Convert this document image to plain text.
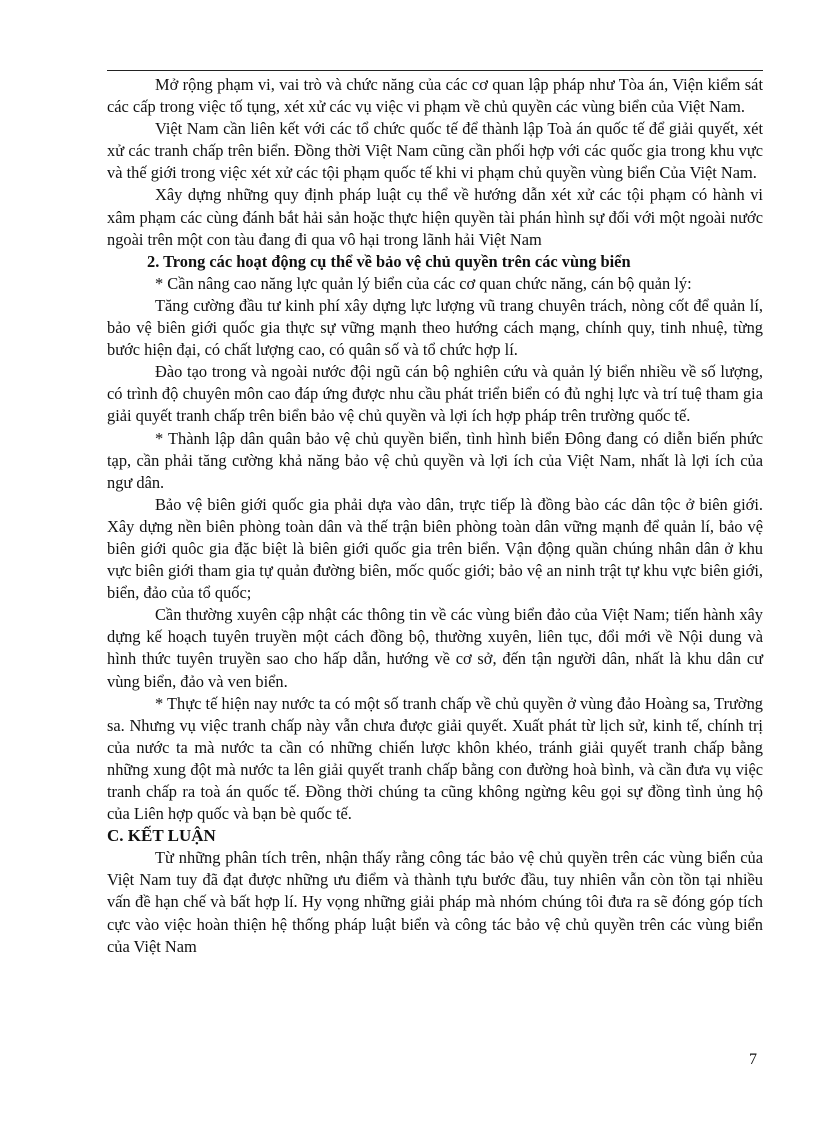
Mở rộng phạm vi, vai trò và chức năng của các cơ quan lập pháp như Tòa án, Viện kiểm sát các cấp trong việc tố tụng, xét xử các vụ việc vi phạm về chủ quyền các vùng biển của Việt Nam.

Việt Nam cần liên kết với các tổ chức quốc tế để thành lập Toà án quốc tế để giải quyết, xét xử các tranh chấp trên biển. Đồng thời Việt Nam cũng cần phối hợp với các quốc gia trong khu vực và thế giới trong việc xét xử các tội phạm quốc tế khi vi phạm chủ quyền vùng biển Của Việt Nam.

Xây dựng những quy định pháp luật cụ thể về hướng dẫn xét xử các tội phạm có hành vi xâm phạm các cùng đánh bắt hải sản hoặc thực hiện quyền tài phán hình sự đối với một ngoài nước ngoài trên một con tàu đang đi qua vô hại trong lãnh hải Việt Nam

2. Trong các hoạt động cụ thể về bảo vệ chủ quyền trên các vùng biển

* Cần nâng cao năng lực quản lý biển của các cơ quan chức năng, cán bộ quản lý:

Tăng cường đầu tư kinh phí xây dựng lực lượng vũ trang chuyên trách, nòng cốt để quản lí, bảo vệ biên giới quốc gia thực sự vững mạnh theo hướng cách mạng, chính quy, tinh nhuệ, từng bước hiện đại, có chất lượng cao, có quân số và tổ chức hợp lí.

Đào tạo trong và ngoài nước đội ngũ cán bộ nghiên cứu và quản lý biển nhiều về số lượng, có trình độ chuyên môn cao đáp ứng được nhu cầu phát triển biển có đủ nghị lực và trí tuệ tham gia giải quyết tranh chấp trên biển bảo vệ chủ quyền và lợi ích hợp pháp trên trường quốc tế.

* Thành lập dân quân bảo vệ chủ quyền biển, tình hình biển Đông đang có diễn biến phức tạp, cần phải tăng cường khả năng bảo vệ chủ quyền và lợi ích của Việt Nam, nhất là lợi ích của ngư dân.

Bảo vệ biên giới quốc gia phải dựa vào dân, trực tiếp là đồng bào các dân tộc ở biên giới. Xây dựng nền biên phòng toàn dân và thế trận biên phòng toàn dân vững mạnh để quản lí, bảo vệ biên giới quôc gia đặc biệt là biên giới quốc gia trên biển. Vận động quần chúng nhân dân ở khu vực biên giới tham gia tự quản đường biên, mốc quốc giới; bảo vệ an ninh trật tự khu vực biên giới, biển, đảo của tổ quốc;

Cần thường xuyên cập nhật các thông tin về các vùng biển đảo của Việt Nam; tiến hành xây dựng kế hoạch tuyên truyền một cách đồng bộ, thường xuyên, liên tục, đổi mới về Nội dung và hình thức tuyên truyền sao cho hấp dẫn, hướng về cơ sở, đến tận người dân, nhất là khu dân cư vùng biển, đảo và ven biển.

* Thực tế hiện nay nước ta có một số tranh chấp về chủ quyền ở vùng đảo Hoàng sa, Trường sa. Nhưng vụ việc tranh chấp này vẫn chưa được giải quyết. Xuất phát từ lịch sử, kinh tế, chính trị của nước ta mà nước ta cần có những chiến lược khôn khéo, tránh giải quyết tranh chấp bằng những xung đột mà nước ta lên giải quyết tranh chấp bằng con đường hoà bình, và cần đưa vụ việc tranh chấp ra toà án quốc tế. Đồng thời chúng ta cũng không ngừng kêu gọi sự đồng tình ủng hộ của Liên hợp quốc và bạn bè quốc tế.

C. KẾT LUẬN

Từ những phân tích trên, nhận thấy rằng công tác bảo vệ chủ quyền trên các vùng biển của Việt Nam tuy đã đạt được những ưu điểm và thành tựu bước đầu, tuy nhiên vẫn còn tồn tại nhiều vấn đề hạn chế và bất hợp lí. Hy vọng những giải pháp mà nhóm chúng tôi đưa ra sẽ đóng góp tích cực vào việc hoàn thiện hệ thống pháp luật biển và công tác bảo vệ chủ quyền trên các vùng biển của Việt Nam

7
